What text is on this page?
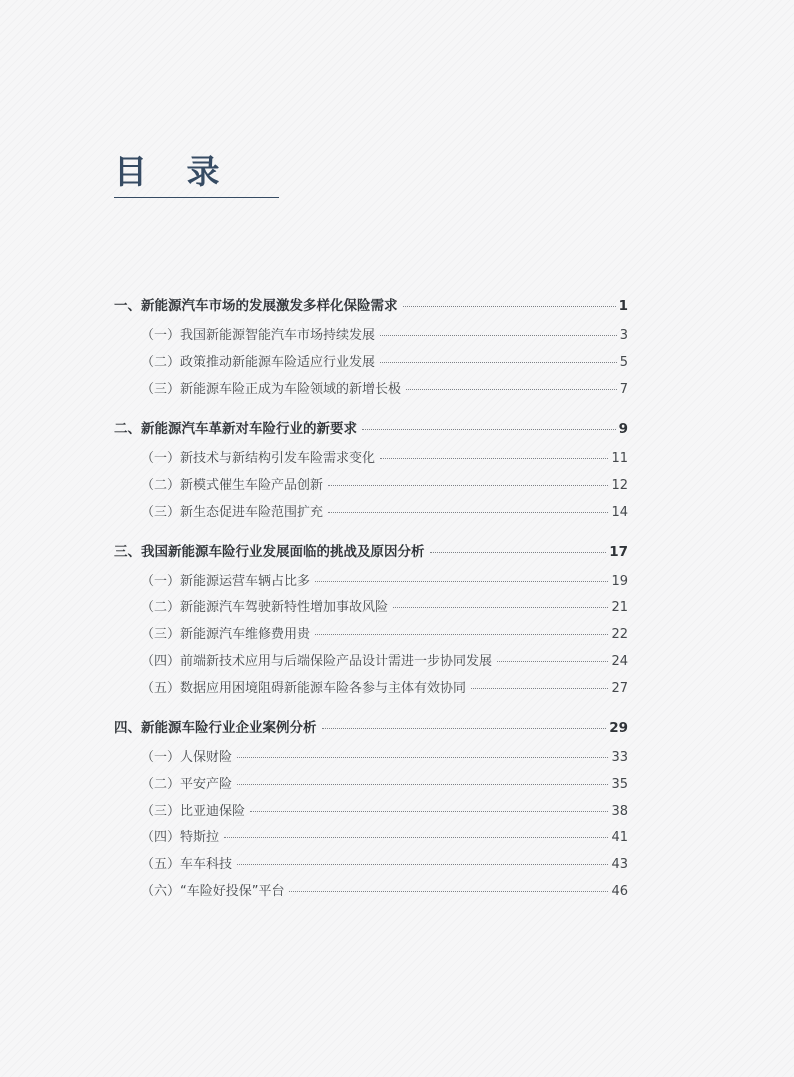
目 录
一、新能源汽车市场的发展激发多样化保险需求	1
（一）我国新能源智能汽车市场持续发展	3
（二）政策推动新能源车险适应行业发展	5
（三）新能源车险正成为车险领域的新增长极	7
二、新能源汽车革新对车险行业的新要求	9
（一）新技术与新结构引发车险需求变化	11
（二）新模式催生车险产品创新	12
（三）新生态促进车险范围扩充	14
三、我国新能源车险行业发展面临的挑战及原因分析	17
（一）新能源运营车辆占比多	19
（二）新能源汽车驾驶新特性增加事故风险	21
（三）新能源汽车维修费用贵	22
（四）前端新技术应用与后端保险产品设计需进一步协同发展	24
（五）数据应用困境阻碍新能源车险各参与主体有效协同	27
四、新能源车险行业企业案例分析	29
（一）人保财险	33
（二）平安产险	35
（三）比亚迪保险	38
（四）特斯拉	41
（五）车车科技	43
（六）“车险好投保”平台	46
